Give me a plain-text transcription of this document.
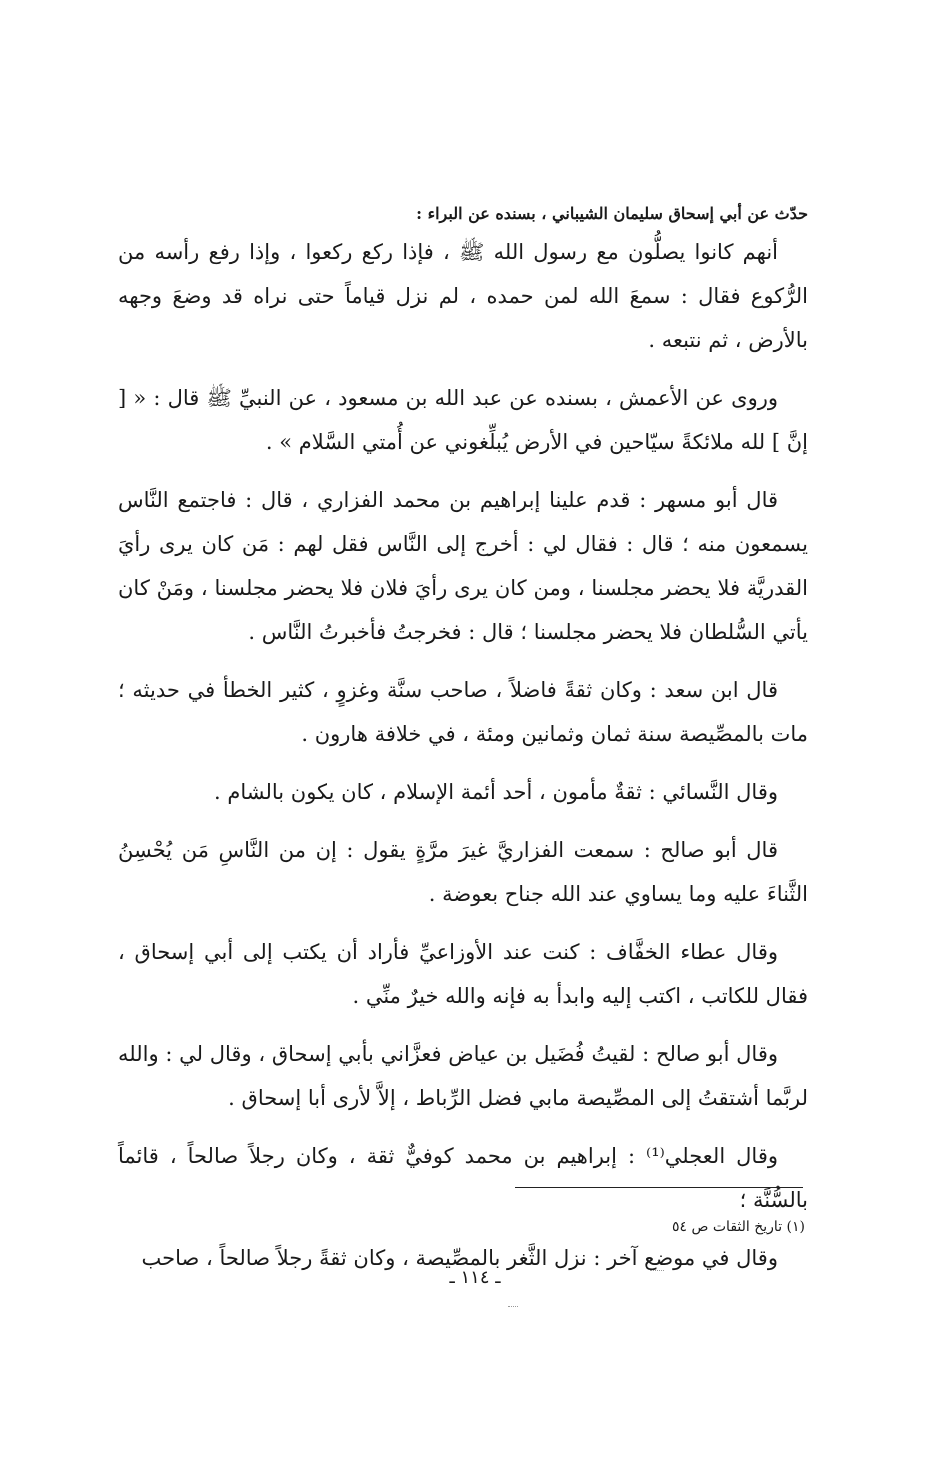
حدّث عن أبي إسحاق سليمان الشيباني ، بسنده عن البراء :

أنهم كانوا يصلُّون مع رسول الله ﷺ ، فإذا ركع ركعوا ، وإذا رفع رأسه من الرُّكوع فقال : سمعَ الله لمن حمده ، لم نزل قياماً حتى نراه قد وضعَ وجهه بالأرض ، ثم نتبعه .

وروى عن الأعمش ، بسنده عن عبد الله بن مسعود ، عن النبيِّ ﷺ قال : « [ إنَّ ] لله ملائكةً سيّاحين في الأرض يُبلِّغوني عن أُمتي السَّلام » .

قال أبو مسهر : قدم علينا إبراهيم بن محمد الفزاري ، قال : فاجتمع النَّاس يسمعون منه ؛ قال : فقال لي : أخرج إلى النَّاس فقل لهم : مَن كان يرى رأيَ القدريَّة فلا يحضر مجلسنا ، ومن كان يرى رأيَ فلان فلا يحضر مجلسنا ، ومَنْ كان يأتي السُّلطان فلا يحضر مجلسنا ؛ قال : فخرجتُ فأخبرتُ النَّاس .

قال ابن سعد : وكان ثقةً فاضلاً ، صاحب سنَّة وغزوٍ ، كثير الخطأ في حديثه ؛ مات بالمصِّيصة سنة ثمان وثمانين ومئة ، في خلافة هارون .

وقال النَّسائي : ثقةٌ مأمون ، أحد أئمة الإسلام ، كان يكون بالشام .

قال أبو صالح : سمعت الفزاريَّ غيرَ مرَّةٍ يقول : إن من النَّاسِ مَن يُحْسِنُ الثَّناءَ عليه وما يساوي عند الله جناح بعوضة .

وقال عطاء الخفَّاف : كنت عند الأوزاعيِّ فأراد أن يكتب إلى أبي إسحاق ، فقال للكاتب ، اكتب إليه وابدأ به فإنه والله خيرٌ منِّي .

وقال أبو صالح : لقيتُ فُضَيل بن عياض فعزَّاني بأبي إسحاق ، وقال لي : والله لربَّما أشتقتُ إلى المصِّيصة مابي فضل الرِّباط ، إلاَّ لأرى أبا إسحاق .

وقال العجلي⁽¹⁾ : إبراهيم بن محمد كوفيٌّ ثقة ، وكان رجلاً صالحاً ، قائماً بالسُّنَّة ؛

وقال في موضع آخر : نزل الثَّغر بالمصِّيصة ، وكان ثقةً رجلاً صالحاً ، صاحب

(١) تاريخ الثقات ص ٥٤
ـ ١١٤ ـ
